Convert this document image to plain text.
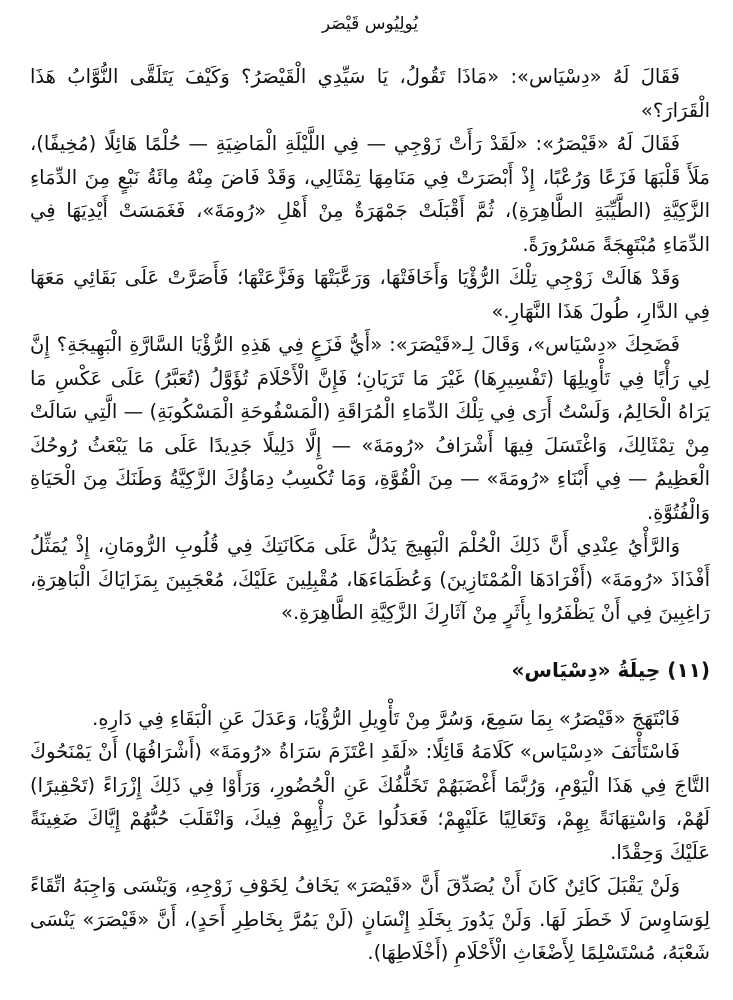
يُولِيُوس قَيْصَر

فَقَالَ لَهُ «دِسْيَاس»: «مَاذَا تَقُولُ، يَا سَيِّدِي الْقَيْصَرُ؟ وَكَيْفَ يَتَلَقَّى النُّوَّابُ هَذَا الْقَرَارَ؟»

فَقَالَ لَهُ «قَيْصَرُ»: «لَقَدْ رَأَتْ زَوْجِي — فِي اللَّيْلَةِ الْمَاضِيَةِ — حُلْمًا هَائِلًا (مُخِيفًا)، مَلَأَ قَلْبَهَا فَزَعًا وَرُعْبًا، إِذْ أَبْصَرَتْ فِي مَنَامِهَا تِمْثَالِي، وَقَدْ فَاضَ مِنْهُ مِائَةُ نَبْعٍ مِنَ الدِّمَاءِ الزَّكِيَّةِ (الطَّيِّبَةِ الطَّاهِرَةِ)، ثُمَّ أَقْبَلَتْ جَمْهَرَةٌ مِنْ أَهْلِ «رُومَةَ»، فَغَمَسَتْ أَيْدِيَهَا فِي الدِّمَاءِ مُبْتَهِجَةً مَسْرُورَةً.

وَقَدْ هَالَتْ زَوْجِي تِلْكَ الرُّؤْيَا وَأَخَافَتْهَا، وَرَعَّبَتْهَا وَفَزَّعَتْهَا؛ فَأَصَرَّتْ عَلَى بَقَائِي مَعَهَا فِي الدَّارِ، طُولَ هَذَا النَّهَارِ.»

فَضَحِكَ «دِسْيَاس»، وَقَالَ لِـ«قَيْصَرَ»: «أَيُّ فَزَعٍ فِي هَذِهِ الرُّؤْيَا السَّارَّةِ الْبَهِيجَةِ؟ إِنَّ لِي رَأْيًا فِي تَأْوِيلِهَا (تَفْسِيرِهَا) غَيْرَ مَا تَرَيَانِ؛ فَإِنَّ الْأَحْلَامَ تُؤَوَّلُ (تُعَبَّرُ) عَلَى عَكْسِ مَا يَرَاهُ الْحَالِمُ، وَلَسْتُ أَرَى فِي تِلْكَ الدِّمَاءِ الْمُرَاقَةِ (الْمَسْفُوحَةِ الْمَسْكُوبَةِ) — الَّتِي سَالَتْ مِنْ تِمْثَالِكَ، وَاغْتَسَلَ فِيهَا أَشْرَافُ «رُومَةَ» — إِلَّا دَلِيلًا جَدِيدًا عَلَى مَا يَبْعَثُ رُوحُكَ الْعَظِيمُ — فِي أَبْنَاءِ «رُومَةَ» — مِنَ الْقُوَّةِ، وَمَا تُكْسِبُ دِمَاؤُكَ الزَّكِيَّةُ وَطَنَكَ مِنَ الْحَيَاةِ وَالْفُتُوَّةِ.

وَالرَّأْيُ عِنْدِي أَنَّ ذَلِكَ الْحُلْمَ الْبَهِيجَ يَدُلُّ عَلَى مَكَانَتِكَ فِي قُلُوبِ الرُّومَانِ، إِذْ يُمَثِّلُ أَفْذَاذَ «رُومَةَ» (أَفْرَادَهَا الْمُمْتَازِينَ) وَعُظَمَاءَهَا، مُقْبِلِينَ عَلَيْكَ، مُعْجَبِينَ بِمَزَايَاكَ الْبَاهِرَةِ، رَاغِبِينَ فِي أَنْ يَظْفَرُوا بِأَثَرٍ مِنْ آثَارِكَ الزَّكِيَّةِ الطَّاهِرَةِ.»

(١١) حِيلَةُ «دِسْيَاس»

فَابْتَهَجَ «قَيْصَرُ» بِمَا سَمِعَ، وَسُرَّ مِنْ تَأْوِيلِ الرُّؤْيَا، وَعَدَلَ عَنِ الْبَقَاءِ فِي دَارِهِ.

فَاسْتَأْنَفَ «دِسْيَاس» كَلَامَهُ قَائِلًا: «لَقَدِ اعْتَزَمَ سَرَاةُ «رُومَةَ» (أَشْرَافُهَا) أَنْ يَمْنَحُوكَ التَّاجَ فِي هَذَا الْيَوْمِ، وَرُبَّمَا أَغْضَبَهُمْ تَخَلُّفُكَ عَنِ الْحُضُورِ، وَرَأَوْا فِي ذَلِكَ إِزْرَاءً (تَحْقِيرًا) لَهُمْ، وَاسْتِهَانَةً بِهِمْ، وَتَعَالِيًا عَلَيْهِمْ؛ فَعَدَلُوا عَنْ رَأْيِهِمْ فِيكَ، وَانْقَلَبَ حُبُّهُمْ إِيَّاكَ ضَغِينَةً عَلَيْكَ وَحِقْدًا.

وَلَنْ يَقْبَلَ كَائِنٌ كَانَ أَنْ يُصَدِّقَ أَنَّ «قَيْصَرَ» يَخَافُ لِخَوْفِ زَوْجِهِ، وَيَنْسَى وَاجِبَهُ اتِّقَاءً لِوَسَاوِسَ لَا خَطَرَ لَهَا. وَلَنْ يَدُورَ بِخَلَدِ إِنْسَانٍ (لَنْ يَمُرَّ بِخَاطِرِ أَحَدٍ)، أَنَّ «قَيْصَرَ» يَنْسَى شَعْبَهُ، مُسْتَسْلِمًا لِأَضْغَاثِ الْأَحْلَامِ (أَخْلَاطِهَا).
